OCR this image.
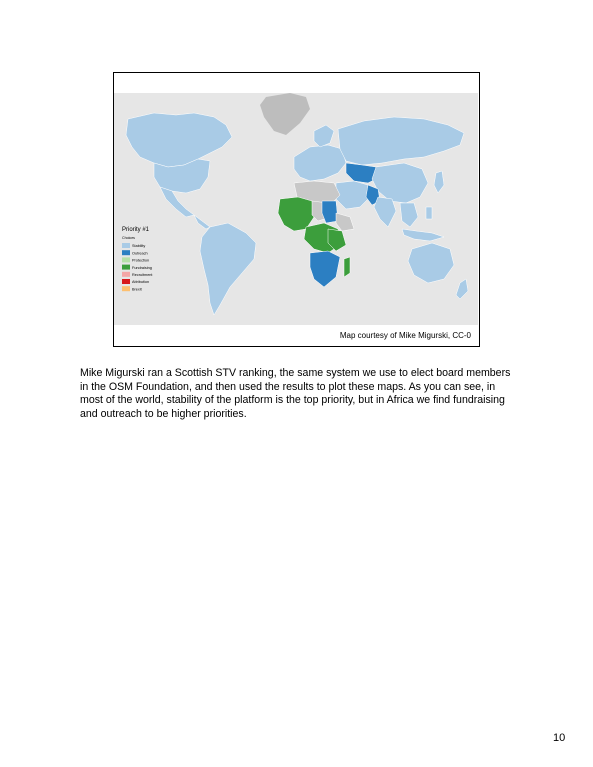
Priority #1
Choices
Stability
Outreach
Protection
Fundraising
Recruitment
Attribution
Brexit
Map courtesy of Mike Migurski, CC-0
Mike Migurski ran a Scottish STV ranking, the same system we use to elect board members in the OSM Foundation, and then used the results to plot these maps. As you can see, in most of the world, stability of the platform is the top priority, but in Africa we find fundraising and outreach to be higher priorities.
10
